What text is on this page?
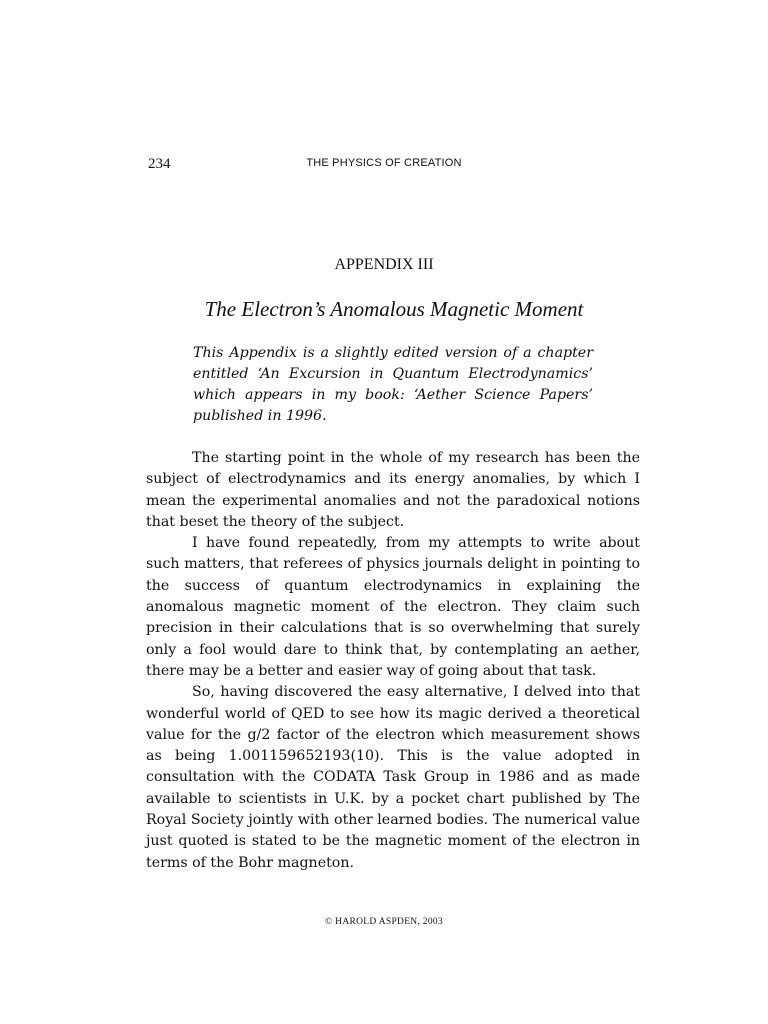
234	THE PHYSICS OF CREATION
APPENDIX III
The Electron’s Anomalous Magnetic Moment
This Appendix is a slightly edited version of a chapter entitled ‘An Excursion in Quantum Electrodynamics’ which appears in my book: ‘Aether Science Papers’ published in 1996.

The starting point in the whole of my research has been the subject of electrodynamics and its energy anomalies, by which I mean the experimental anomalies and not the paradoxical notions that beset the theory of the subject.

I have found repeatedly, from my attempts to write about such matters, that referees of physics journals delight in pointing to the success of quantum electrodynamics in explaining the anomalous magnetic moment of the electron. They claim such precision in their calculations that is so overwhelming that surely only a fool would dare to think that, by contemplating an aether, there may be a better and easier way of going about that task.

So, having discovered the easy alternative, I delved into that wonderful world of QED to see how its magic derived a theoretical value for the g/2 factor of the electron which measurement shows as being 1.001159652193(10). This is the value adopted in consultation with the CODATA Task Group in 1986 and as made available to scientists in U.K. by a pocket chart published by The Royal Society jointly with other learned bodies. The numerical value just quoted is stated to be the magnetic moment of the electron in terms of the Bohr magneton.

© HAROLD ASPDEN, 2003
